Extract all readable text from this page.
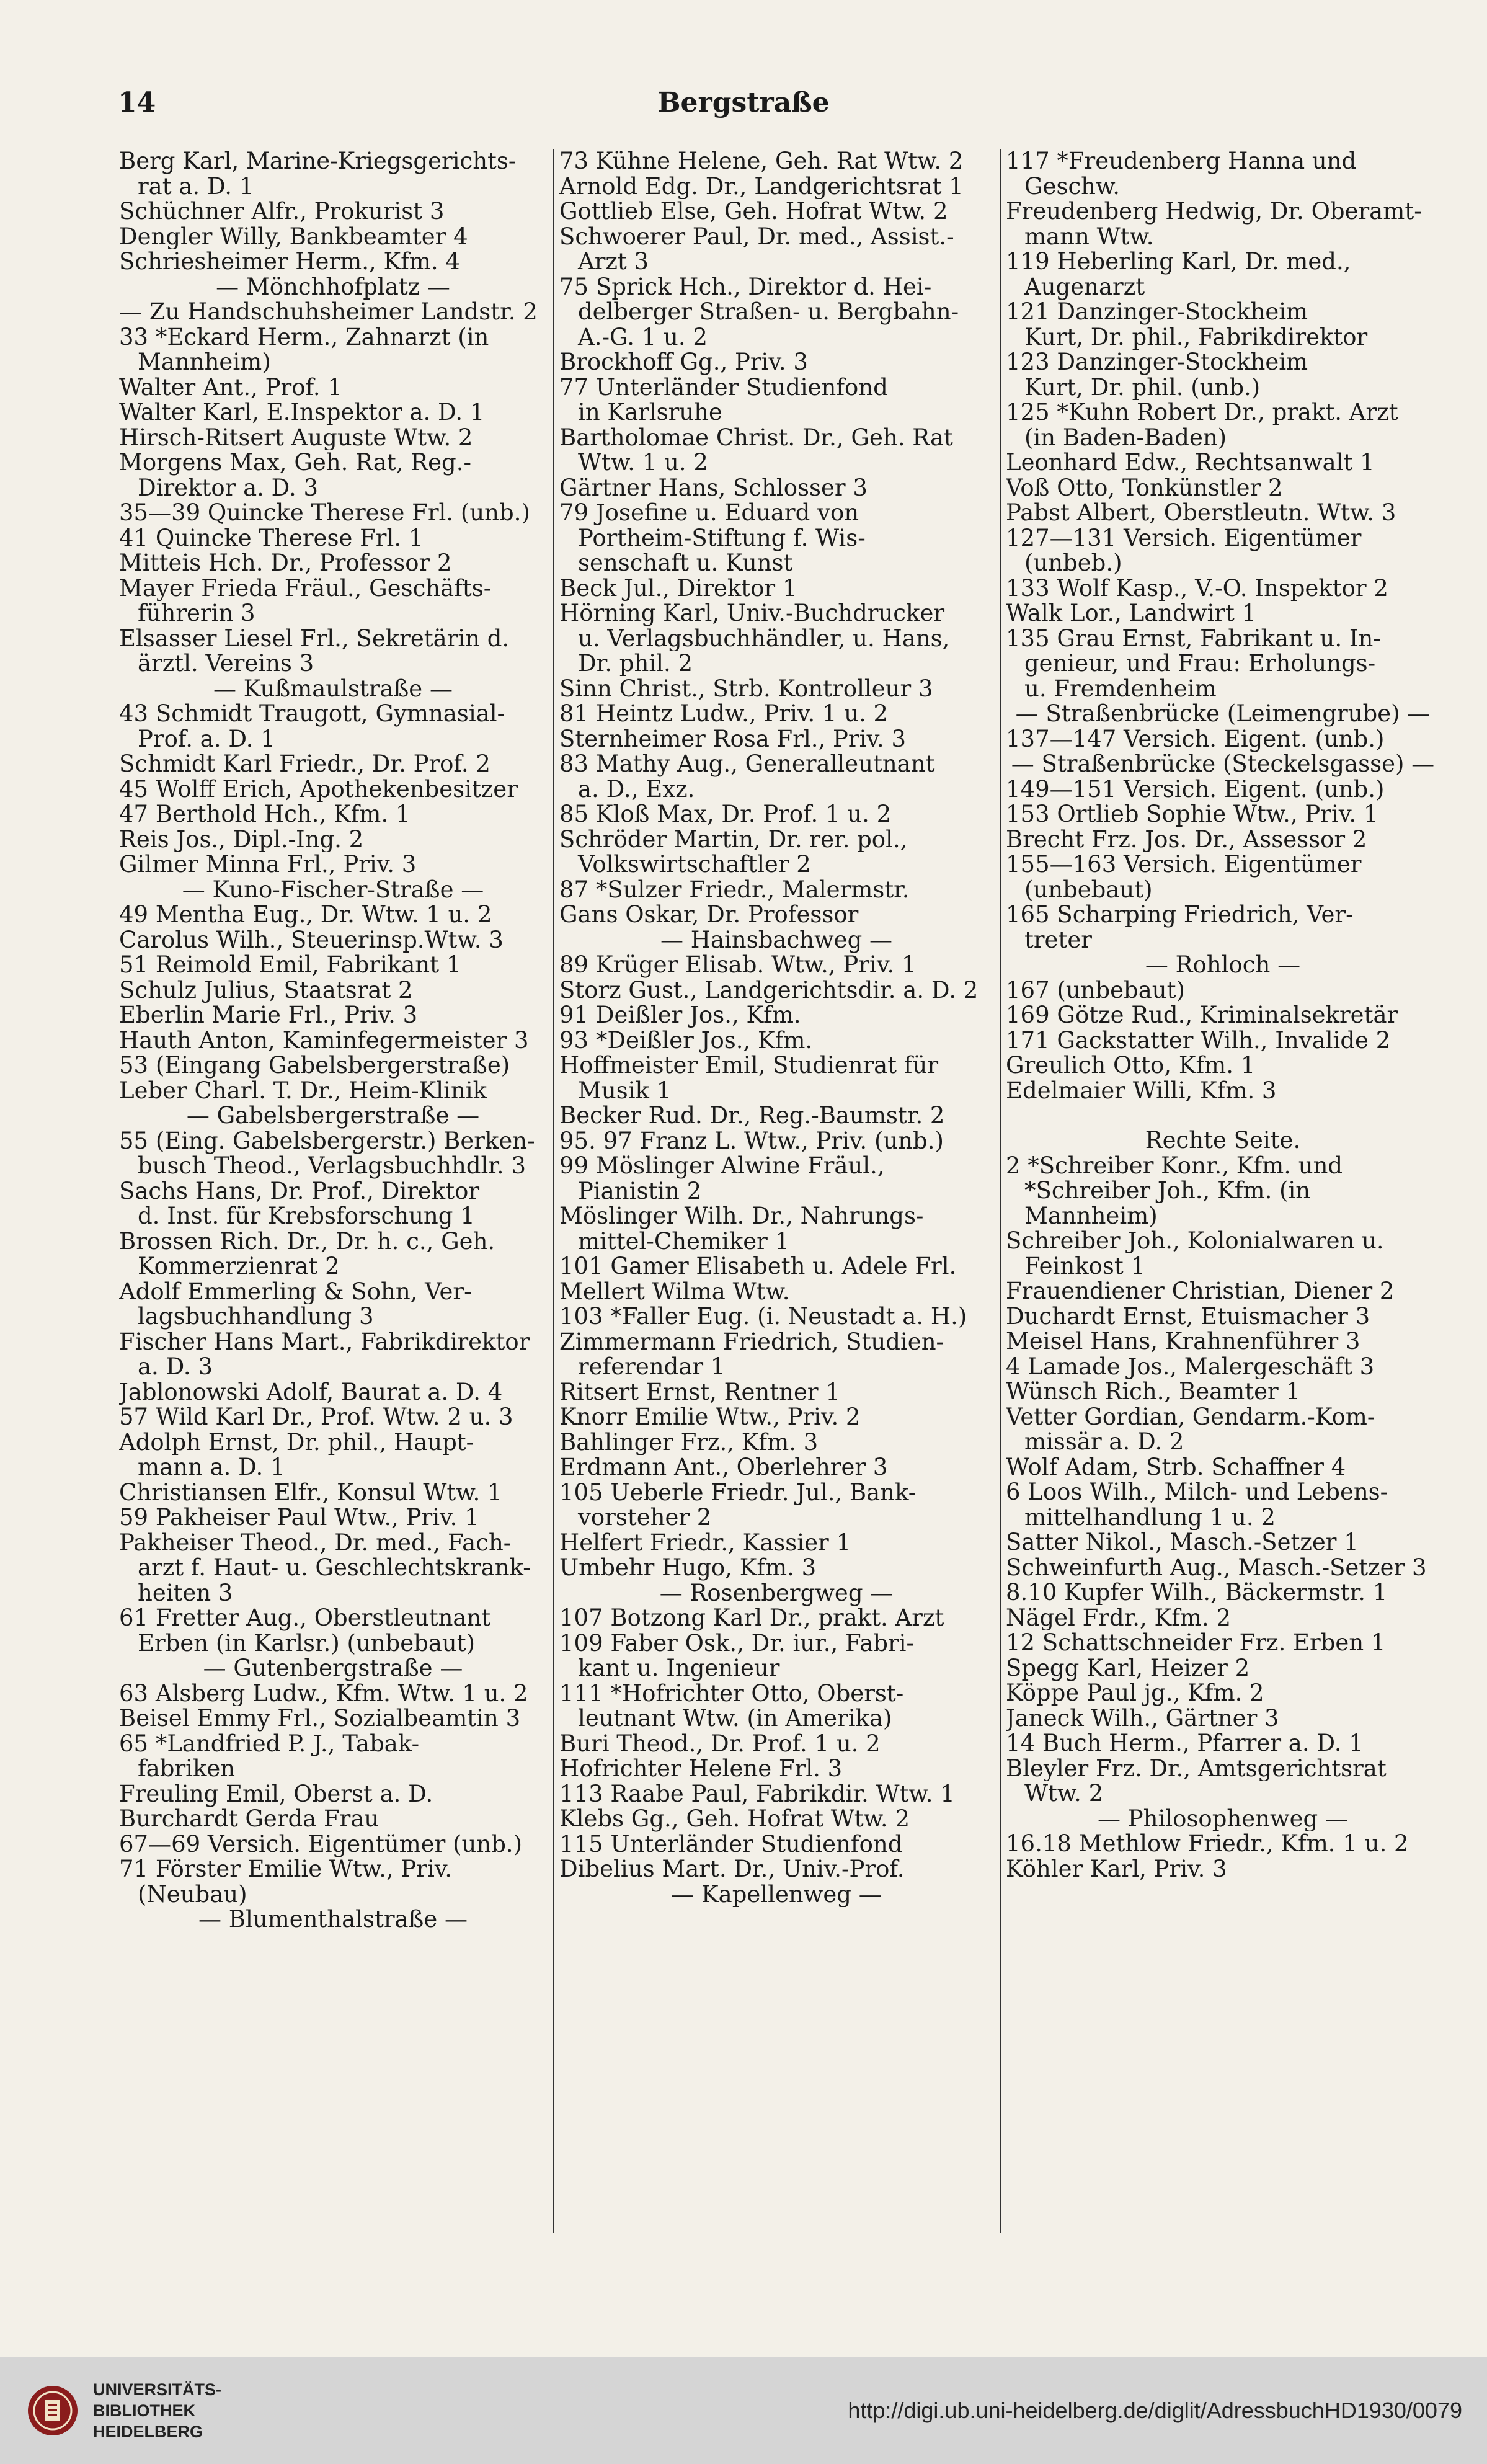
14	Bergstraße
Berg Karl, Marine-Kriegsgerichts-
rat a. D. 1
Schüchner Alfr., Prokurist 3
Dengler Willy, Bankbeamter 4
Schriesheimer Herm., Kfm. 4
— Mönchhofplatz —
— Zu Handschuhsheimer Landstr. 2
33 *Eckard Herm., Zahnarzt (in
Mannheim)
Walter Ant., Prof. 1
Walter Karl, E.Inspektor a. D. 1
Hirsch-Ritsert Auguste Wtw. 2
Morgens Max, Geh. Rat, Reg.-
Direktor a. D. 3
35—39 Quincke Therese Frl. (unb.)
41 Quincke Therese Frl. 1
Mitteis Hch. Dr., Professor 2
Mayer Frieda Fräul., Geschäfts-
führerin 3
Elsasser Liesel Frl., Sekretärin d.
ärztl. Vereins 3
— Kußmaulstraße —
43 Schmidt Traugott, Gymnasial-
Prof. a. D. 1
Schmidt Karl Friedr., Dr. Prof. 2
45 Wolff Erich, Apothekenbesitzer
47 Berthold Hch., Kfm. 1
Reis Jos., Dipl.-Ing. 2
Gilmer Minna Frl., Priv. 3
— Kuno-Fischer-Straße —
49 Mentha Eug., Dr. Wtw. 1 u. 2
Carolus Wilh., Steuerinsp.Wtw. 3
51 Reimold Emil, Fabrikant 1
Schulz Julius, Staatsrat 2
Eberlin Marie Frl., Priv. 3
Hauth Anton, Kaminfegermeister 3
53 (Eingang Gabelsbergerstraße)
Leber Charl. T. Dr., Heim-Klinik
— Gabelsbergerstraße —
55 (Eing. Gabelsbergerstr.) Berken-
busch Theod., Verlagsbuchhdlr. 3
Sachs Hans, Dr. Prof., Direktor
d. Inst. für Krebsforschung 1
Brossen Rich. Dr., Dr. h. c., Geh.
Kommerzienrat 2
Adolf Emmerling & Sohn, Ver-
lagsbuchhandlung 3
Fischer Hans Mart., Fabrikdirektor
a. D. 3
Jablonowski Adolf, Baurat a. D. 4
57 Wild Karl Dr., Prof. Wtw. 2 u. 3
Adolph Ernst, Dr. phil., Haupt-
mann a. D. 1
Christiansen Elfr., Konsul Wtw. 1
59 Pakheiser Paul Wtw., Priv. 1
Pakheiser Theod., Dr. med., Fach-
arzt f. Haut- u. Geschlechtskrank-
heiten 3
61 Fretter Aug., Oberstleutnant
Erben (in Karlsr.) (unbebaut)
— Gutenbergstraße —
63 Alsberg Ludw., Kfm. Wtw. 1 u. 2
Beisel Emmy Frl., Sozialbeamtin 3
65 *Landfried P. J., Tabak-
fabriken
Freuling Emil, Oberst a. D.
Burchardt Gerda Frau
67—69 Versich. Eigentümer (unb.)
71 Förster Emilie Wtw., Priv.
(Neubau)
— Blumenthalstraße —
73 Kühne Helene, Geh. Rat Wtw. 2
Arnold Edg. Dr., Landgerichtsrat 1
Gottlieb Else, Geh. Hofrat Wtw. 2
Schwoerer Paul, Dr. med., Assist.-
Arzt 3
75 Sprick Hch., Direktor d. Hei-
delberger Straßen- u. Bergbahn-
A.-G. 1 u. 2
Brockhoff Gg., Priv. 3
77 Unterländer Studienfond
in Karlsruhe
Bartholomae Christ. Dr., Geh. Rat
Wtw. 1 u. 2
Gärtner Hans, Schlosser 3
79 Josefine u. Eduard von
Portheim-Stiftung f. Wis-
senschaft u. Kunst
Beck Jul., Direktor 1
Hörning Karl, Univ.-Buchdrucker
u. Verlagsbuchhändler, u. Hans,
Dr. phil. 2
Sinn Christ., Strb. Kontrolleur 3
81 Heintz Ludw., Priv. 1 u. 2
Sternheimer Rosa Frl., Priv. 3
83 Mathy Aug., Generalleutnant
a. D., Exz.
85 Kloß Max, Dr. Prof. 1 u. 2
Schröder Martin, Dr. rer. pol.,
Volkswirtschaftler 2
87 *Sulzer Friedr., Malermstr.
Gans Oskar, Dr. Professor
— Hainsbachweg —
89 Krüger Elisab. Wtw., Priv. 1
Storz Gust., Landgerichtsdir. a. D. 2
91 Deißler Jos., Kfm.
93 *Deißler Jos., Kfm.
Hoffmeister Emil, Studienrat für
Musik 1
Becker Rud. Dr., Reg.-Baumstr. 2
95. 97 Franz L. Wtw., Priv. (unb.)
99 Möslinger Alwine Fräul.,
Pianistin 2
Möslinger Wilh. Dr., Nahrungs-
mittel-Chemiker 1
101 Gamer Elisabeth u. Adele Frl.
Mellert Wilma Wtw.
103 *Faller Eug. (i. Neustadt a. H.)
Zimmermann Friedrich, Studien-
referendar 1
Ritsert Ernst, Rentner 1
Knorr Emilie Wtw., Priv. 2
Bahlinger Frz., Kfm. 3
Erdmann Ant., Oberlehrer 3
105 Ueberle Friedr. Jul., Bank-
vorsteher 2
Helfert Friedr., Kassier 1
Umbehr Hugo, Kfm. 3
— Rosenbergweg —
107 Botzong Karl Dr., prakt. Arzt
109 Faber Osk., Dr. iur., Fabri-
kant u. Ingenieur
111 *Hofrichter Otto, Oberst-
leutnant Wtw. (in Amerika)
Buri Theod., Dr. Prof. 1 u. 2
Hofrichter Helene Frl. 3
113 Raabe Paul, Fabrikdir. Wtw. 1
Klebs Gg., Geh. Hofrat Wtw. 2
115 Unterländer Studienfond
Dibelius Mart. Dr., Univ.-Prof.
— Kapellenweg —
117 *Freudenberg Hanna und
Geschw.
Freudenberg Hedwig, Dr. Oberamt-
mann Wtw.
119 Heberling Karl, Dr. med.,
Augenarzt
121 Danzinger-Stockheim
Kurt, Dr. phil., Fabrikdirektor
123 Danzinger-Stockheim
Kurt, Dr. phil. (unb.)
125 *Kuhn Robert Dr., prakt. Arzt
(in Baden-Baden)
Leonhard Edw., Rechtsanwalt 1
Voß Otto, Tonkünstler 2
Pabst Albert, Oberstleutn. Wtw. 3
127—131 Versich. Eigentümer
(unbeb.)
133 Wolf Kasp., V.-O. Inspektor 2
Walk Lor., Landwirt 1
135 Grau Ernst, Fabrikant u. In-
genieur, und Frau: Erholungs-
u. Fremdenheim
— Straßenbrücke (Leimengrube) —
137—147 Versich. Eigent. (unb.)
— Straßenbrücke (Steckelsgasse) —
149—151 Versich. Eigent. (unb.)
153 Ortlieb Sophie Wtw., Priv. 1
Brecht Frz. Jos. Dr., Assessor 2
155—163 Versich. Eigentümer
(unbebaut)
165 Scharping Friedrich, Ver-
treter
— Rohloch —
167 (unbebaut)
169 Götze Rud., Kriminalsekretär
171 Gackstatter Wilh., Invalide 2
Greulich Otto, Kfm. 1
Edelmaier Willi, Kfm. 3
Rechte Seite.
2 *Schreiber Konr., Kfm. und
*Schreiber Joh., Kfm. (in
Mannheim)
Schreiber Joh., Kolonialwaren u.
Feinkost 1
Frauendiener Christian, Diener 2
Duchardt Ernst, Etuismacher 3
Meisel Hans, Krahnenführer 3
4 Lamade Jos., Malergeschäft 3
Wünsch Rich., Beamter 1
Vetter Gordian, Gendarm.-Kom-
missär a. D. 2
Wolf Adam, Strb. Schaffner 4
6 Loos Wilh., Milch- und Lebens-
mittelhandlung 1 u. 2
Satter Nikol., Masch.-Setzer 1
Schweinfurth Aug., Masch.-Setzer 3
8.10 Kupfer Wilh., Bäckermstr. 1
Nägel Frdr., Kfm. 2
12 Schattschneider Frz. Erben 1
Spegg Karl, Heizer 2
Köppe Paul jg., Kfm. 2
Janeck Wilh., Gärtner 3
14 Buch Herm., Pfarrer a. D. 1
Bleyler Frz. Dr., Amtsgerichtsrat
Wtw. 2
— Philosophenweg —
16.18 Methlow Friedr., Kfm. 1 u. 2
Köhler Karl, Priv. 3
UNIVERSITÄTS-
BIBLIOTHEK
HEIDELBERG
http://digi.ub.uni-heidelberg.de/diglit/AdressbuchHD1930/0079
